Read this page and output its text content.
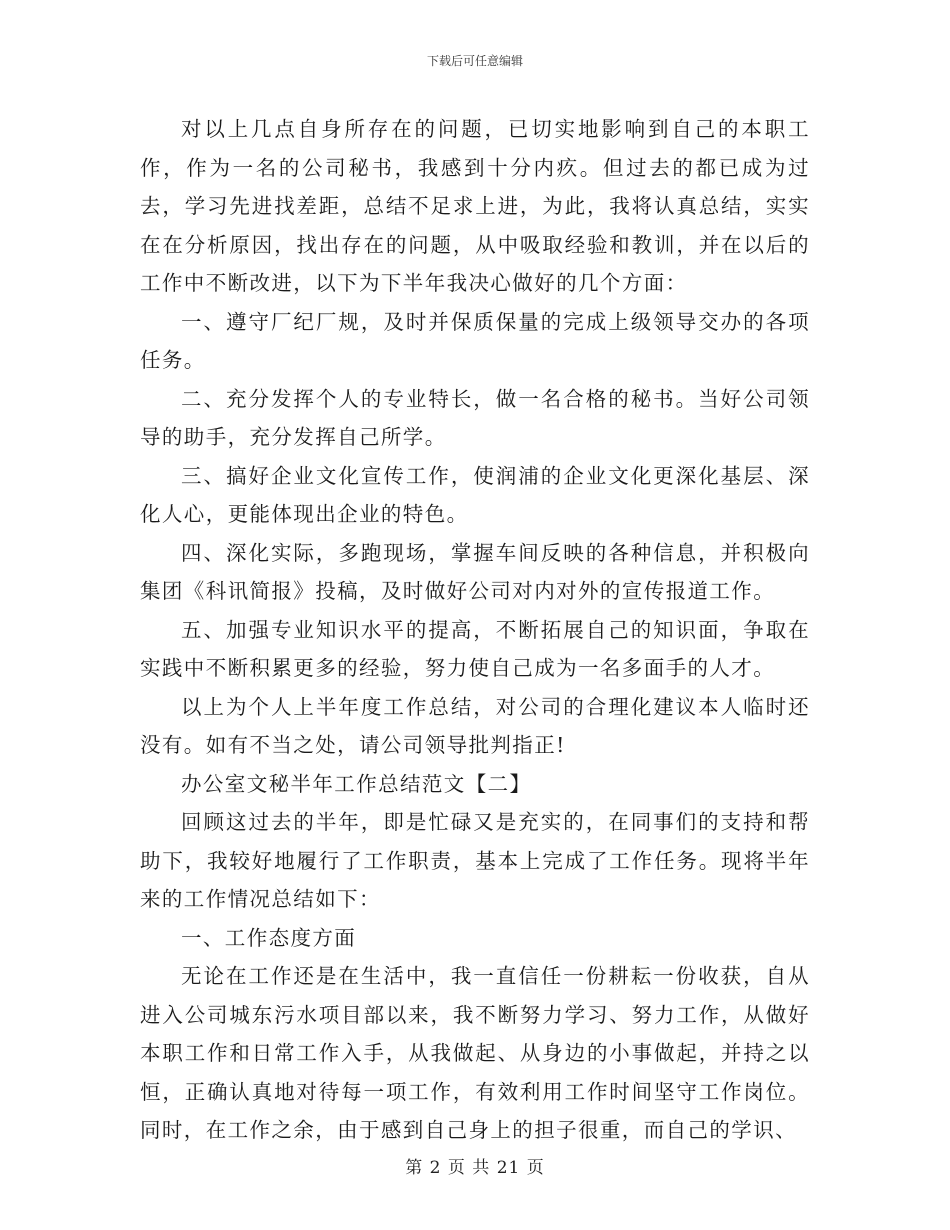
下载后可任意编辑

对以上几点自身所存在的问题，已切实地影响到自己的本职工作，作为一名的公司秘书，我感到十分内疚。但过去的都已成为过去，学习先进找差距，总结不足求上进，为此，我将认真总结，实实在在分析原因，找出存在的问题，从中吸取经验和教训，并在以后的工作中不断改进，以下为下半年我决心做好的几个方面：

一、遵守厂纪厂规，及时并保质保量的完成上级领导交办的各项任务。

二、充分发挥个人的专业特长，做一名合格的秘书。当好公司领导的助手，充分发挥自己所学。

三、搞好企业文化宣传工作，使润浦的企业文化更深化基层、深化人心，更能体现出企业的特色。

四、深化实际，多跑现场，掌握车间反映的各种信息，并积极向集团《科讯简报》投稿，及时做好公司对内对外的宣传报道工作。

五、加强专业知识水平的提高，不断拓展自己的知识面，争取在实践中不断积累更多的经验，努力使自己成为一名多面手的人才。

以上为个人上半年度工作总结，对公司的合理化建议本人临时还没有。如有不当之处，请公司领导批判指正!

办公室文秘半年工作总结范文【二】

回顾这过去的半年，即是忙碌又是充实的，在同事们的支持和帮助下，我较好地履行了工作职责，基本上完成了工作任务。现将半年来的工作情况总结如下：

一、工作态度方面

无论在工作还是在生活中，我一直信任一份耕耘一份收获，自从进入公司城东污水项目部以来，我不断努力学习、努力工作，从做好本职工作和日常工作入手，从我做起、从身边的小事做起，并持之以恒，正确认真地对待每一项工作，有效利用工作时间坚守工作岗位。同时，在工作之余，由于感到自己身上的担子很重，而自己的学识、

第 2 页 共 21 页
